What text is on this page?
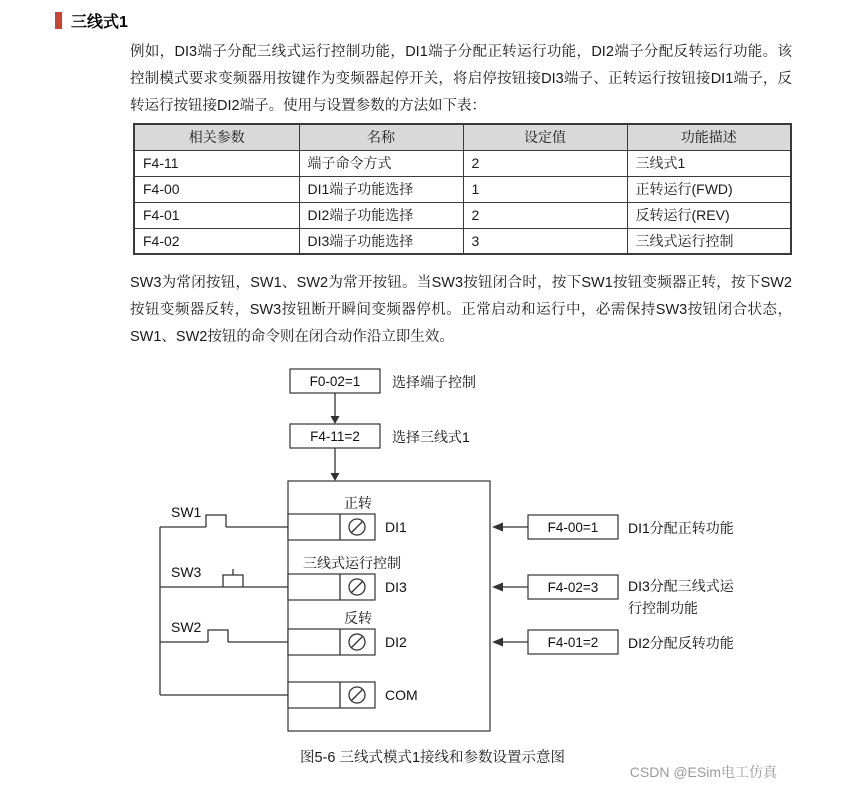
三线式1

例如，DI3端子分配三线式运行控制功能，DI1端子分配正转运行功能，DI2端子分配反转运行功能。该控制模式要求变频器用按键作为变频器起停开关，将启停按钮接DI3端子、正转运行按钮接DI1端子，反转运行按钮接DI2端子。使用与设置参数的方法如下表：

相关参数	名称	设定值	功能描述
F4-11	端子命令方式	2	三线式1
F4-00	DI1端子功能选择	1	正转运行(FWD)
F4-01	DI2端子功能选择	2	反转运行(REV)
F4-02	DI3端子功能选择	3	三线式运行控制

SW3为常闭按钮，SW1、SW2为常开按钮。当SW3按钮闭合时，按下SW1按钮变频器正转，按下SW2按钮变频器反转，SW3按钮断开瞬间变频器停机。正常启动和运行中，必需保持SW3按钮闭合状态，SW1、SW2按钮的命令则在闭合动作沿立即生效。

F0-02=1 选择端子控制
F4-11=2 选择三线式1
SW1
SW3
SW2
正转
DI1
三线式运行控制
DI3
反转
DI2
COM
F4-00=1 DI1分配正转功能
F4-02=3 DI3分配三线式运
行控制功能
F4-01=2 DI2分配反转功能
图5-6 三线式模式1接线和参数设置示意图
CSDN @ESim电工仿真
